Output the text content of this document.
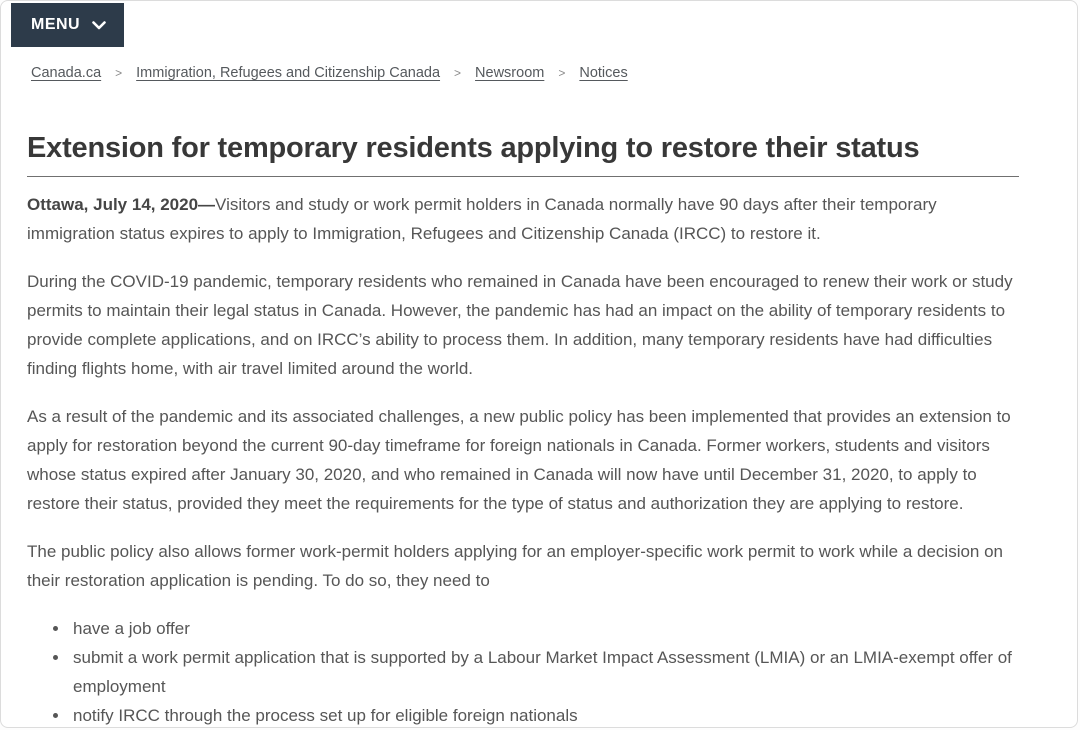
MENU
Canada.ca > Immigration, Refugees and Citizenship Canada > Newsroom > Notices
Extension for temporary residents applying to restore their status

Ottawa, July 14, 2020—Visitors and study or work permit holders in Canada normally have 90 days after their temporary immigration status expires to apply to Immigration, Refugees and Citizenship Canada (IRCC) to restore it.

During the COVID-19 pandemic, temporary residents who remained in Canada have been encouraged to renew their work or study permits to maintain their legal status in Canada. However, the pandemic has had an impact on the ability of temporary residents to provide complete applications, and on IRCC’s ability to process them. In addition, many temporary residents have had difficulties finding flights home, with air travel limited around the world.

As a result of the pandemic and its associated challenges, a new public policy has been implemented that provides an extension to apply for restoration beyond the current 90-day timeframe for foreign nationals in Canada. Former workers, students and visitors whose status expired after January 30, 2020, and who remained in Canada will now have until December 31, 2020, to apply to restore their status, provided they meet the requirements for the type of status and authorization they are applying to restore.

The public policy also allows former work-permit holders applying for an employer-specific work permit to work while a decision on their restoration application is pending. To do so, they need to

• have a job offer
• submit a work permit application that is supported by a Labour Market Impact Assessment (LMIA) or an LMIA-exempt offer of employment
• notify IRCC through the process set up for eligible foreign nationals
